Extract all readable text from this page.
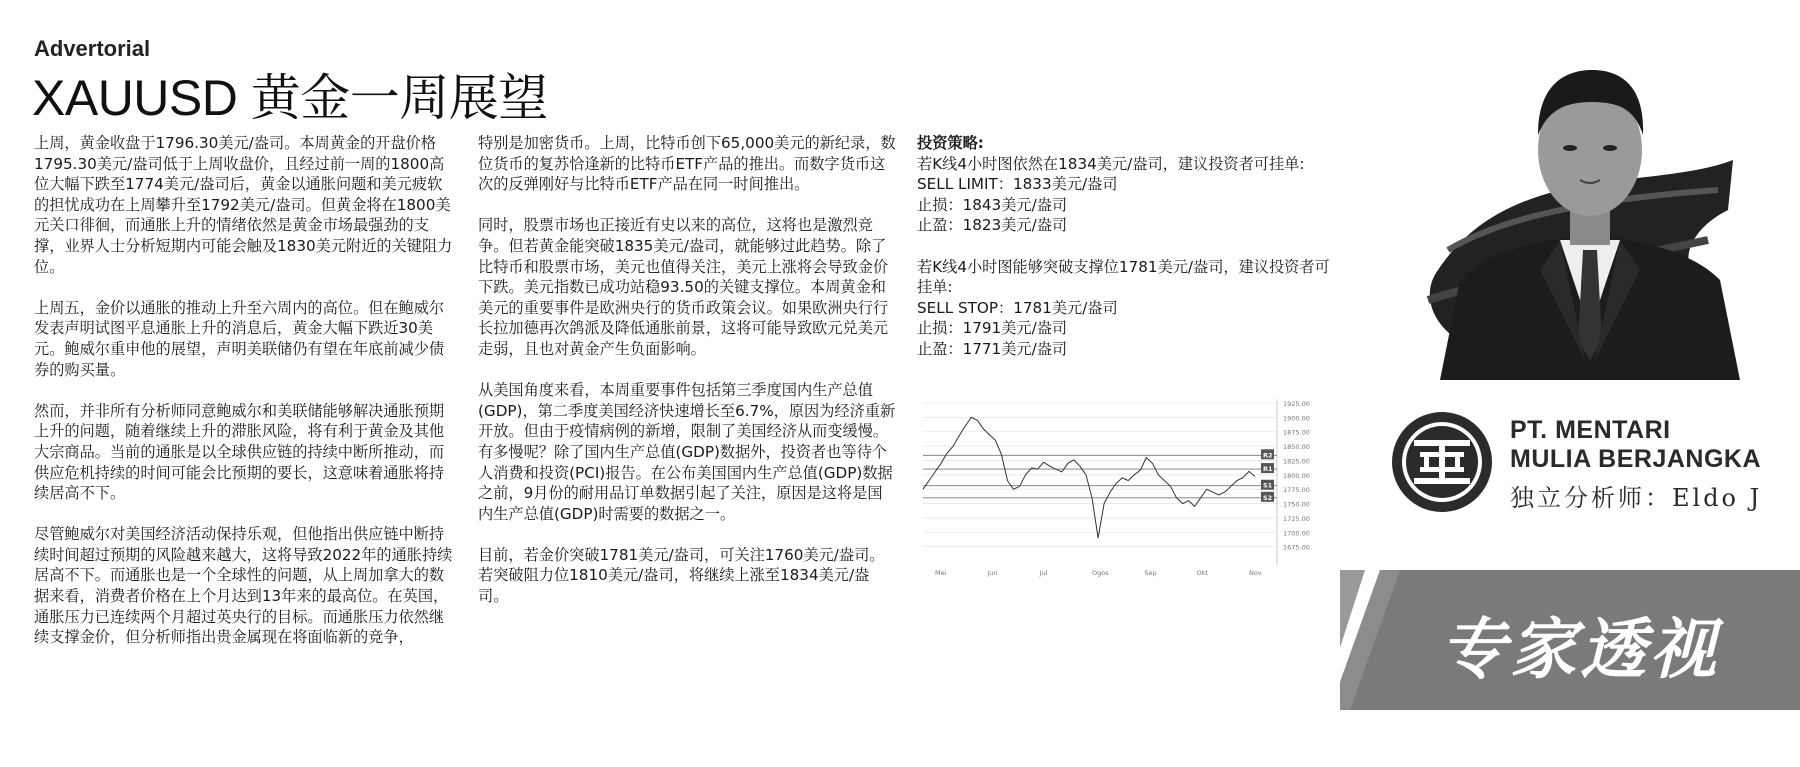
Advertorial
XAUUSD 黄金一周展望

上周，黄金收盘于1796.30美元/盎司。本周黄金的开盘价格1795.30美元/盎司低于上周收盘价，且经过前一周的1800高位大幅下跌至1774美元/盎司后，黄金以通胀问题和美元疲软的担忧成功在上周攀升至1792美元/盎司。但黄金将在1800美元关口徘徊，而通胀上升的情绪依然是黄金市场最强劲的支撑，业界人士分析短期内可能会触及1830美元附近的关键阻力位。

上周五，金价以通胀的推动上升至六周内的高位。但在鲍威尔发表声明试图平息通胀上升的消息后，黄金大幅下跌近30美元。鲍威尔重申他的展望，声明美联储仍有望在年底前减少债券的购买量。

然而，并非所有分析师同意鲍威尔和美联储能够解决通胀预期上升的问题，随着继续上升的滞胀风险，将有利于黄金及其他大宗商品。当前的通胀是以全球供应链的持续中断所推动，而供应危机持续的时间可能会比预期的要长，这意味着通胀将持续居高不下。

尽管鲍威尔对美国经济活动保持乐观，但他指出供应链中断持续时间超过预期的风险越来越大，这将导致2022年的通胀持续居高不下。而通胀也是一个全球性的问题，从上周加拿大的数据来看，消费者价格在上个月达到13年来的最高位。在英国，通胀压力已连续两个月超过英央行的目标。而通胀压力依然继续支撑金价，但分析师指出贵金属现在将面临新的竞争，

特别是加密货币。上周，比特币创下65,000美元的新纪录，数位货币的复苏恰逢新的比特币ETF产品的推出。而数字货币这次的反弹刚好与比特币ETF产品在同一时间推出。

同时，股票市场也正接近有史以来的高位，这将也是激烈竞争。但若黄金能突破1835美元/盎司，就能够过此趋势。除了比特币和股票市场，美元也值得关注，美元上涨将会导致金价下跌。美元指数已成功站稳93.50的关键支撑位。本周黄金和美元的重要事件是欧洲央行的货币政策会议。如果欧洲央行行长拉加德再次鸽派及降低通胀前景，这将可能导致欧元兑美元走弱，且也对黄金产生负面影响。

从美国角度来看，本周重要事件包括第三季度国内生产总值(GDP)，第二季度美国经济快速增长至6.7%，原因为经济重新开放。但由于疫情病例的新增，限制了美国经济从而变缓慢。有多慢呢？除了国内生产总值(GDP)数据外，投资者也等待个人消费和投资(PCI)报告。在公布美国国内生产总值(GDP)数据之前，9月份的耐用品订单数据引起了关注，原因是这将是国内生产总值(GDP)时需要的数据之一。

目前，若金价突破1781美元/盎司，可关注1760美元/盎司。若突破阻力位1810美元/盎司，将继续上涨至1834美元/盎司。

投资策略:
若K线4小时图依然在1834美元/盎司，建议投资者可挂单:
SELL LIMIT：1833美元/盎司
止损：1843美元/盎司
止盈：1823美元/盎司
若K线4小时图能够突破支撑位1781美元/盎司，建议投资者可挂单:
SELL STOP：1781美元/盎司
止损：1791美元/盎司
止盈：1771美元/盎司
R2
R1
S1
S2
1925.00
1900.00
1875.00
1850.00
1825.00
1800.00
1775.00
1750.00
1725.00
1700.00
1675.00
Mei	Jun	Jul	Ogos	Sep	Okt	Nov
PT. MENTARI
MULIA BERJANGKA
独立分析师：Eldo J
专家透视
